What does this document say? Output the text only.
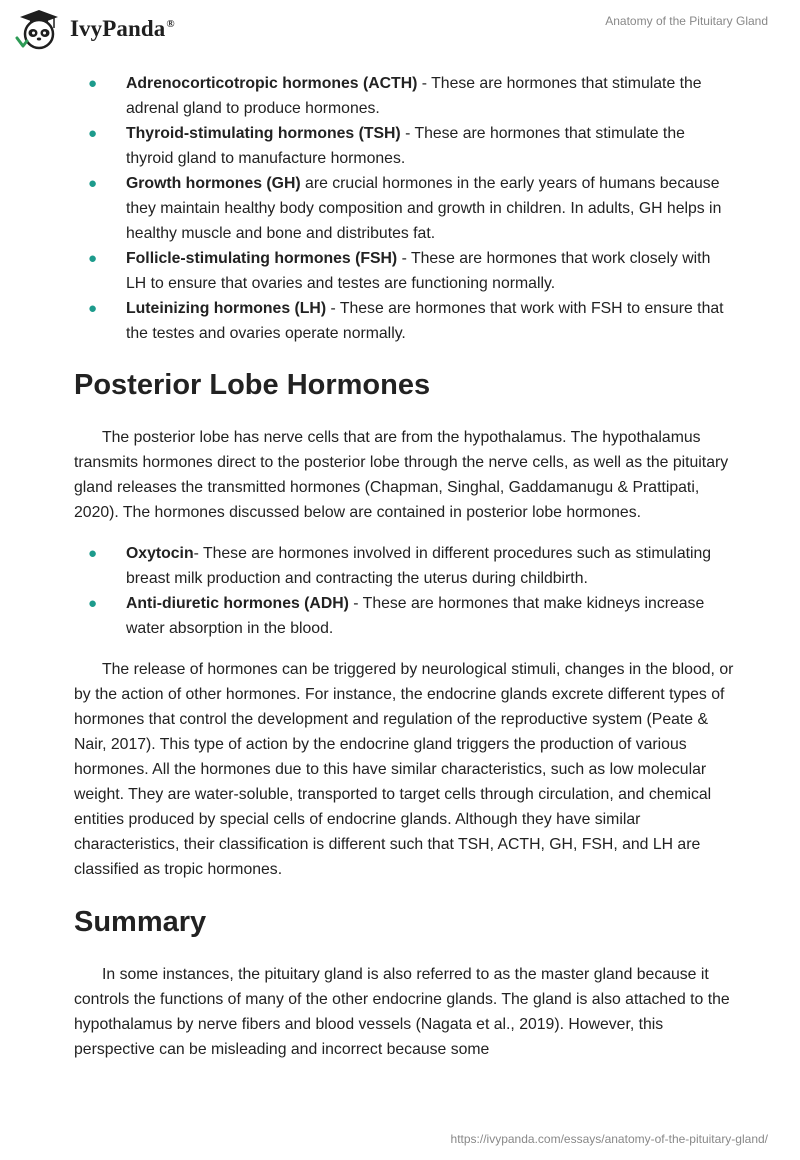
IvyPanda®	Anatomy of the Pituitary Gland
● Adrenocorticotropic hormones (ACTH) - These are hormones that stimulate the adrenal gland to produce hormones.
● Thyroid-stimulating hormones (TSH) - These are hormones that stimulate the thyroid gland to manufacture hormones.
● Growth hormones (GH) are crucial hormones in the early years of humans because they maintain healthy body composition and growth in children. In adults, GH helps in healthy muscle and bone and distributes fat.
● Follicle-stimulating hormones (FSH) - These are hormones that work closely with LH to ensure that ovaries and testes are functioning normally.
● Luteinizing hormones (LH) - These are hormones that work with FSH to ensure that the testes and ovaries operate normally.
Posterior Lobe Hormones

The posterior lobe has nerve cells that are from the hypothalamus. The hypothalamus transmits hormones direct to the posterior lobe through the nerve cells, as well as the pituitary gland releases the transmitted hormones (Chapman, Singhal, Gaddamanugu & Prattipati, 2020). The hormones discussed below are contained in posterior lobe hormones.

● Oxytocin- These are hormones involved in different procedures such as stimulating breast milk production and contracting the uterus during childbirth.
● Anti-diuretic hormones (ADH) - These are hormones that make kidneys increase water absorption in the blood.

The release of hormones can be triggered by neurological stimuli, changes in the blood, or by the action of other hormones. For instance, the endocrine glands excrete different types of hormones that control the development and regulation of the reproductive system (Peate & Nair, 2017). This type of action by the endocrine gland triggers the production of various hormones. All the hormones due to this have similar characteristics, such as low molecular weight. They are water-soluble, transported to target cells through circulation, and chemical entities produced by special cells of endocrine glands. Although they have similar characteristics, their classification is different such that TSH, ACTH, GH, FSH, and LH are classified as tropic hormones.

Summary

In some instances, the pituitary gland is also referred to as the master gland because it controls the functions of many of the other endocrine glands. The gland is also attached to the hypothalamus by nerve fibers and blood vessels (Nagata et al., 2019). However, this perspective can be misleading and incorrect because some

https://ivypanda.com/essays/anatomy-of-the-pituitary-gland/
